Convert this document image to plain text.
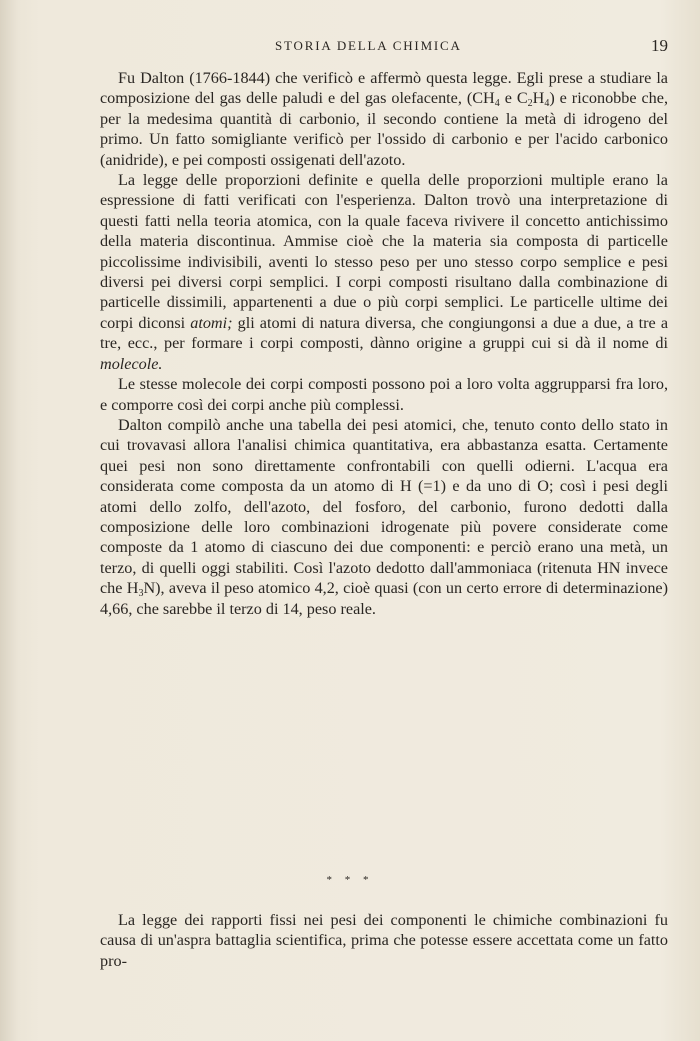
STORIA DELLA CHIMICA	19

Fu Dalton (1766-1844) che verificò e affermò questa legge. Egli prese a studiare la composizione del gas delle paludi e del gas olefacente, ($CH_4$ e $C_2H_4$) e riconobbe che, per la medesima quantità di carbonio, il secondo contiene la metà di idrogeno del primo. Un fatto somigliante verificò per l'ossido di carbonio e per l'acido carbonico (anidride), e pei composti ossigenati dell'azoto.

La legge delle proporzioni definite e quella delle proporzioni multiple erano la espressione di fatti verificati con l'esperienza. Dalton trovò una interpretazione di questi fatti nella teoria atomica, con la quale faceva rivivere il concetto antichissimo della materia discontinua. Ammise cioè che la materia sia composta di particelle piccolissime indivisibili, aventi lo stesso peso per uno stesso corpo semplice e pesi diversi pei diversi corpi semplici. I corpi composti risultano dalla combinazione di particelle dissimili, appartenenti a due o più corpi semplici. Le particelle ultime dei corpi diconsi atomi; gli atomi di natura diversa, che congiungonsi a due a due, a tre a tre, ecc., per formare i corpi composti, dànno origine a gruppi cui si dà il nome di molecole.

Le stesse molecole dei corpi composti possono poi a loro volta aggrupparsi fra loro, e comporre così dei corpi anche più complessi.

Dalton compilò anche una tabella dei pesi atomici, che, tenuto conto dello stato in cui trovavasi allora l'analisi chimica quantitativa, era abbastanza esatta. Certamente quei pesi non sono direttamente confrontabili con quelli odierni. L'acqua era considerata come composta da un atomo di H (=1) e da uno di O; così i pesi degli atomi dello zolfo, dell'azoto, del fosforo, del carbonio, furono dedotti dalla composizione delle loro combinazioni idrogenate più povere considerate come composte da 1 atomo di ciascuno dei due componenti: e perciò erano una metà, un terzo, di quelli oggi stabiliti. Così l'azoto dedotto dall'ammoniaca (ritenuta HN invece che $H_3N$), aveva il peso atomico 4,2, cioè quasi (con un certo errore di determinazione) 4,66, che sarebbe il terzo di 14, peso reale.

* * *

La legge dei rapporti fissi nei pesi dei componenti le chimiche combinazioni fu causa di un'aspra battaglia scientifica, prima che potesse essere accettata come un fatto pro-
